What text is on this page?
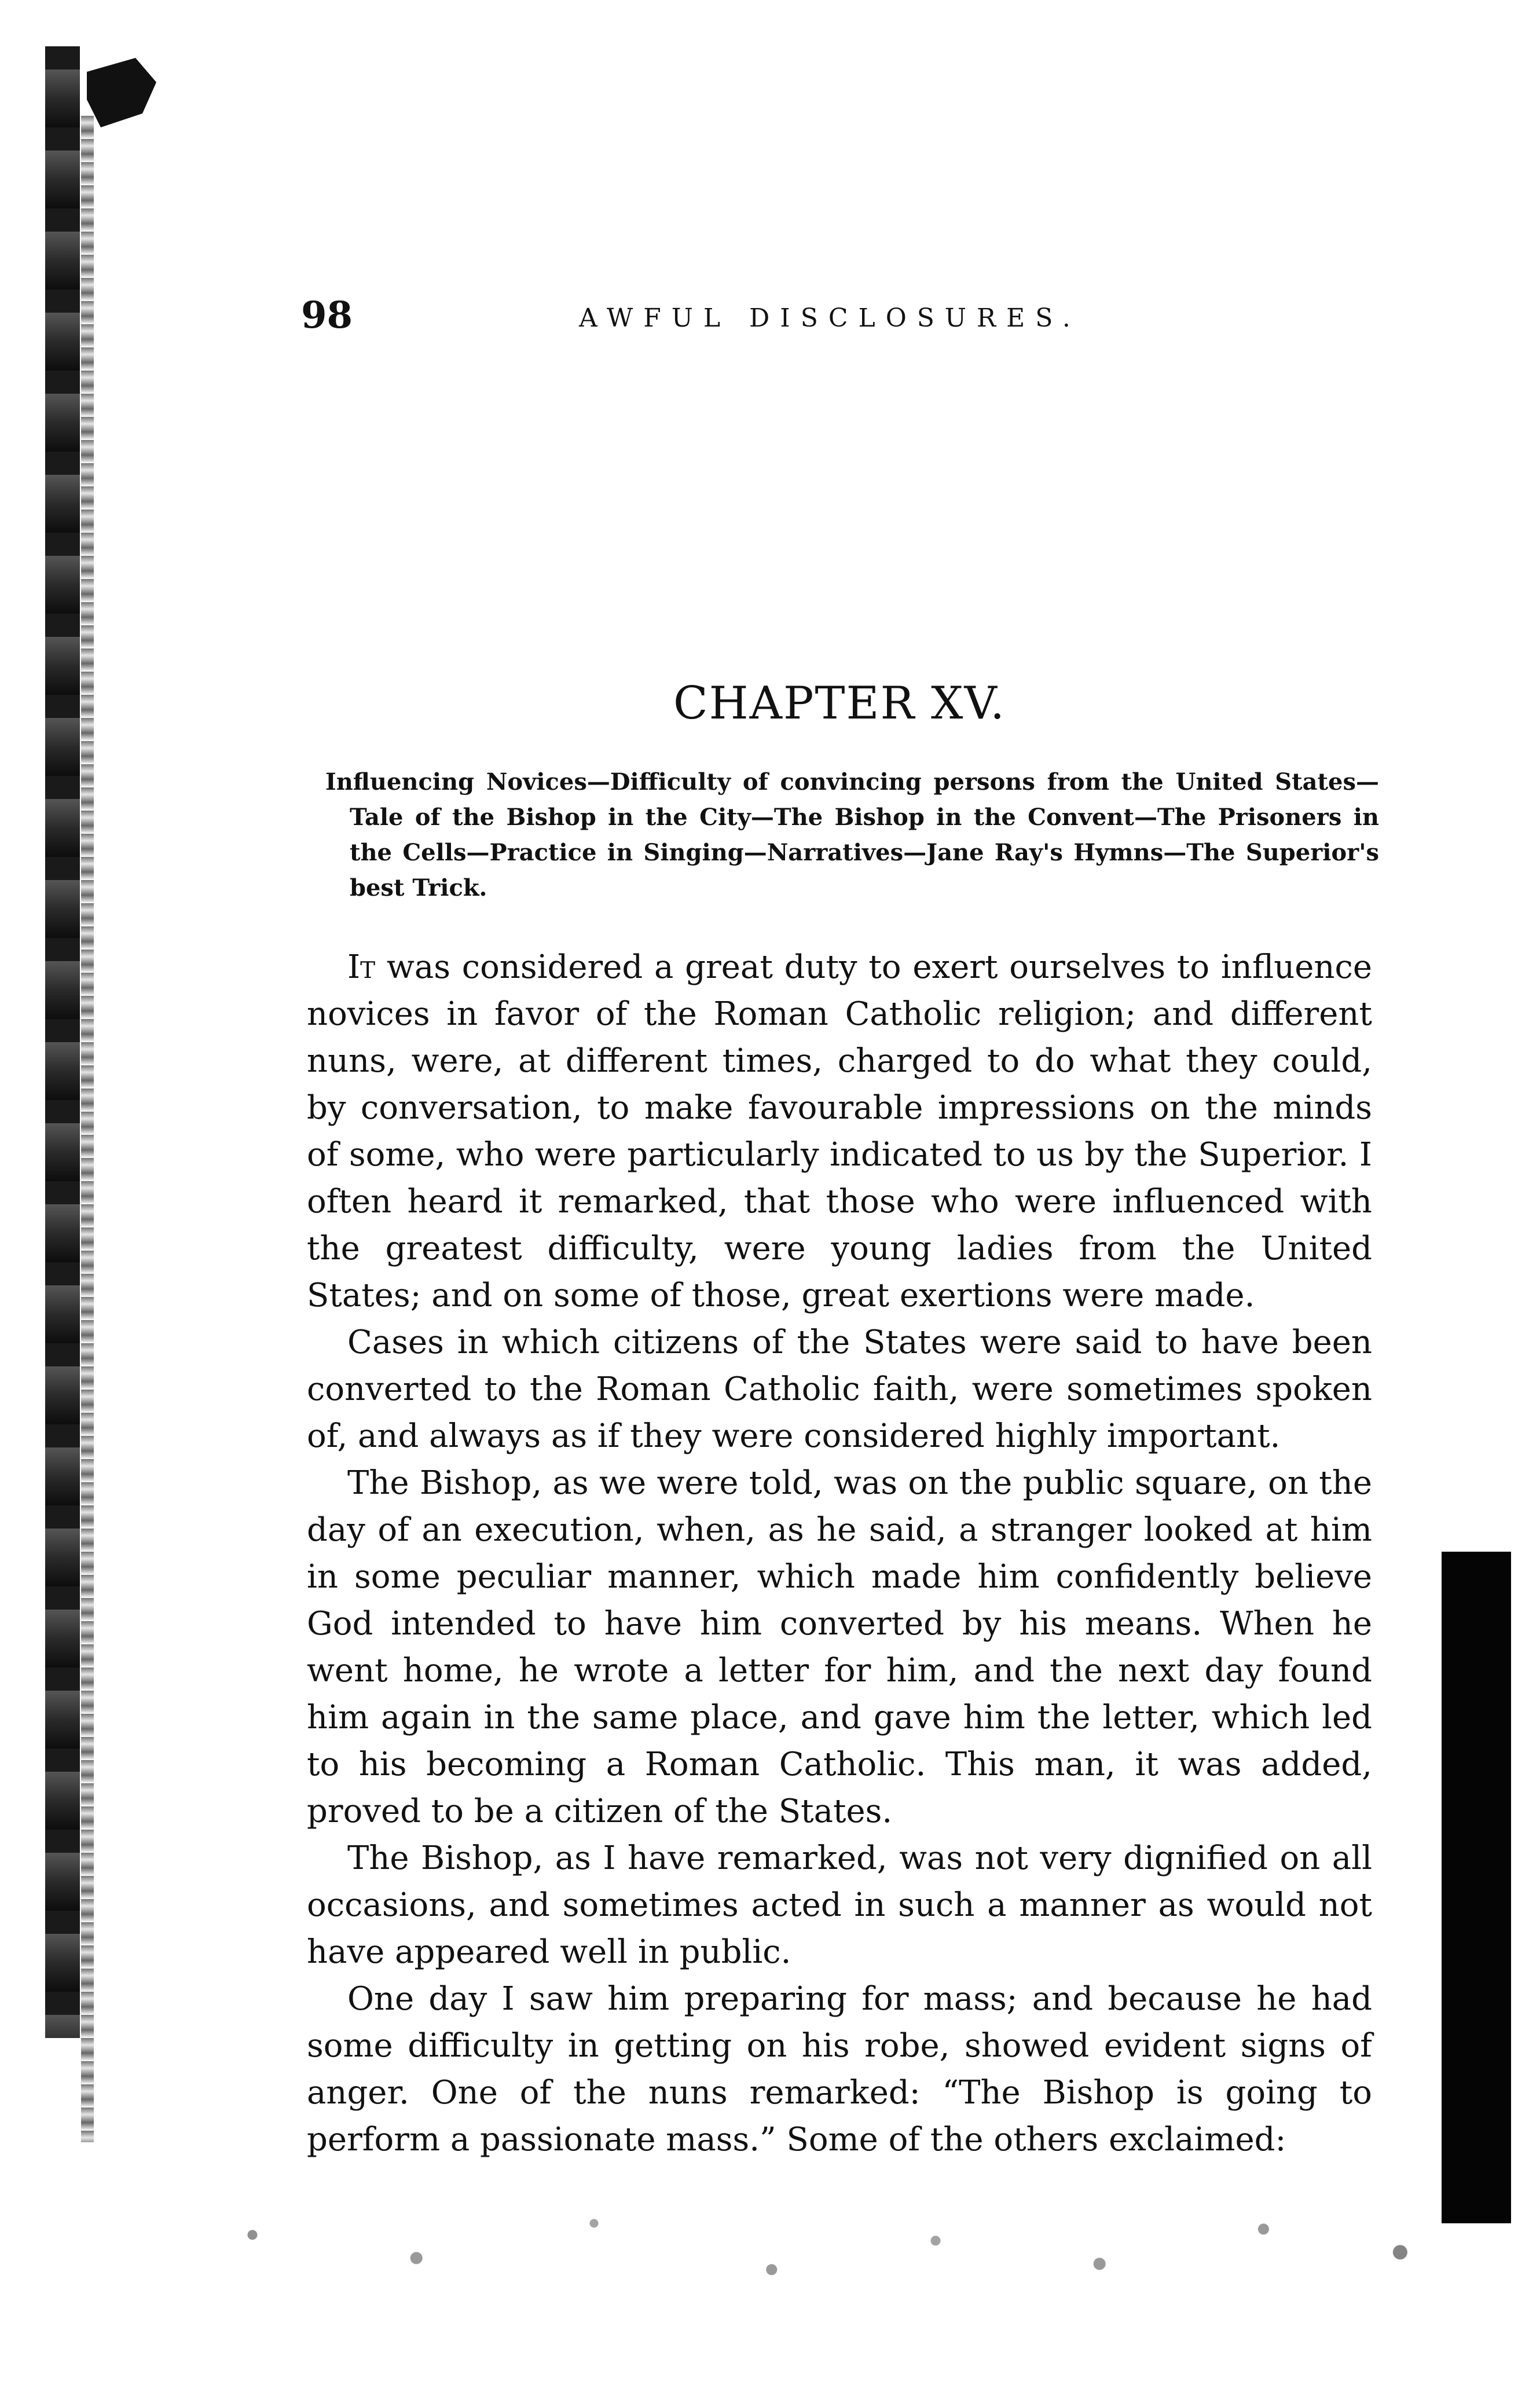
98	AWFUL DISCLOSURES.
CHAPTER XV.
Influencing Novices—Difficulty of convincing persons from the United States—Tale of the Bishop in the City—The Bishop in the Convent—The Prisoners in the Cells—Practice in Singing—Narratives—Jane Ray's Hymns—The Superior's best Trick.

It was considered a great duty to exert ourselves to influence novices in favor of the Roman Catholic religion; and different nuns, were, at different times, charged to do what they could, by conversation, to make favourable impressions on the minds of some, who were particularly indicated to us by the Superior. I often heard it remarked, that those who were influenced with the greatest difficulty, were young ladies from the United States; and on some of those, great exertions were made.

Cases in which citizens of the States were said to have been converted to the Roman Catholic faith, were sometimes spoken of, and always as if they were considered highly important.

The Bishop, as we were told, was on the public square, on the day of an execution, when, as he said, a stranger looked at him in some peculiar manner, which made him confidently believe God intended to have him converted by his means. When he went home, he wrote a letter for him, and the next day found him again in the same place, and gave him the letter, which led to his becoming a Roman Catholic. This man, it was added, proved to be a citizen of the States.

The Bishop, as I have remarked, was not very dignified on all occasions, and sometimes acted in such a manner as would not have appeared well in public.

One day I saw him preparing for mass; and because he had some difficulty in getting on his robe, showed evident signs of anger. One of the nuns remarked: “The Bishop is going to perform a passionate mass.” Some of the others exclaimed:
